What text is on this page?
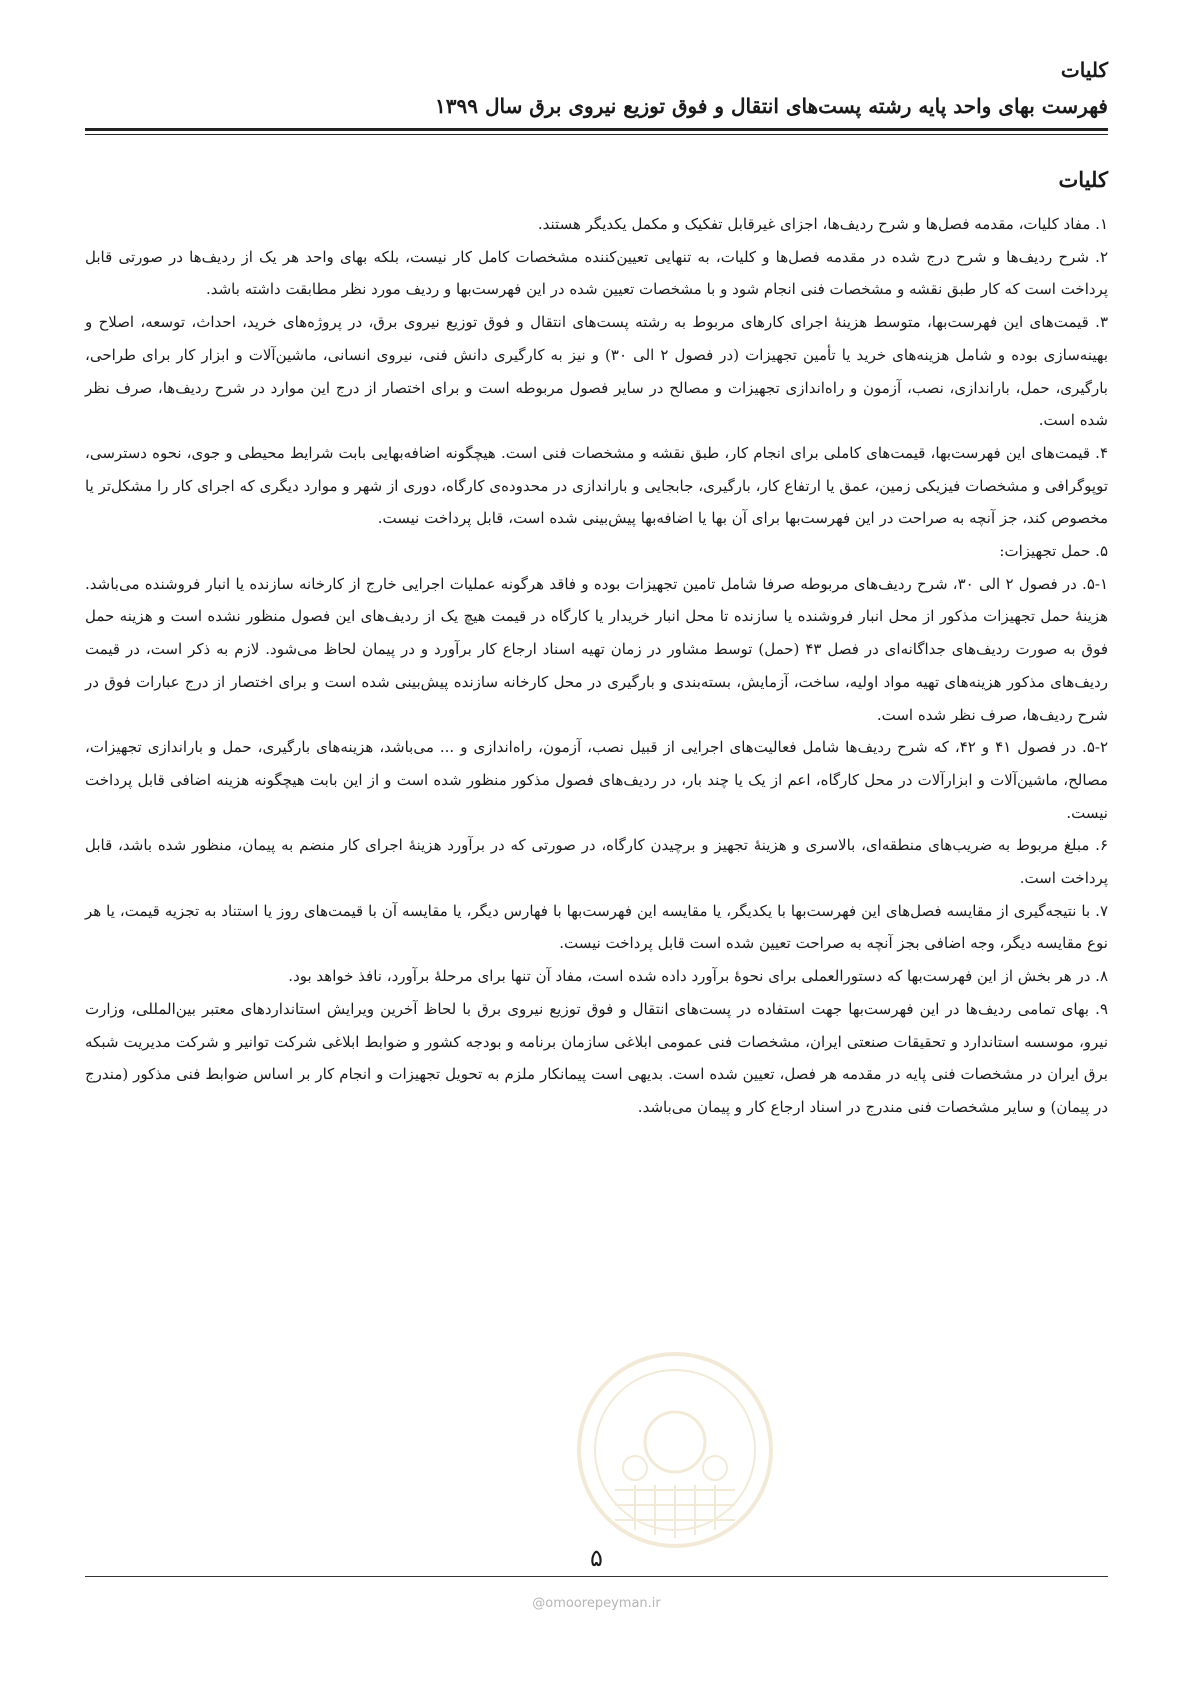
کلیات
فهرست بهای واحد پایه رشته پست‌های انتقال و فوق توزیع نیروی برق سال ۱۳۹۹
کلیات

۱. مفاد کلیات، مقدمه فصل‌ها و شرح ردیف‌ها، اجزای غیرقابل تفکیک و مکمل یکدیگر هستند.

۲. شرح ردیف‌ها و شرح درج شده در مقدمه فصل‌ها و کلیات، به تنهایی تعیین‌کننده مشخصات کامل کار نیست، بلکه بهای واحد هر یک از ردیف‌ها در صورتی قابل پرداخت است که کار طبق نقشه و مشخصات فنی انجام شود و با مشخصات تعیین شده در این فهرست‌بها و ردیف مورد نظر مطابقت داشته باشد.

۳. قیمت‌های این فهرست‌بها، متوسط هزینهٔ اجرای کارهای مربوط به رشته پست‌های انتقال و فوق توزیع نیروی برق، در پروژه‌های خرید، احداث، توسعه، اصلاح و بهینه‌سازی بوده و شامل هزینه‌های خرید یا تأمین تجهیزات (در فصول ۲ الی ۳۰) و نیز به کارگیری دانش فنی، نیروی انسانی، ماشین‌آلات و ابزار کار برای طراحی، بارگیری، حمل، باراندازی، نصب، آزمون و راه‌اندازی تجهیزات و مصالح در سایر فصول مربوطه است و برای اختصار از درج این موارد در شرح ردیف‌ها، صرف نظر شده است.

۴. قیمت‌های این فهرست‌بها، قیمت‌های کاملی برای انجام کار، طبق نقشه و مشخصات فنی است. هیچگونه اضافه‌بهایی بابت شرایط محیطی و جوی، نحوه دسترسی، توپوگرافی و مشخصات فیزیکی زمین، عمق یا ارتفاع کار، بارگیری، جابجایی و باراندازی در محدوده‌ی کارگاه، دوری از شهر و موارد دیگری که اجرای کار را مشکل‌تر یا مخصوص کند، جز آنچه به صراحت در این فهرست‌بها برای آن بها یا اضافه‌بها پیش‌بینی شده است، قابل پرداخت نیست.

۵. حمل تجهیزات:

۵-۱. در فصول ۲ الی ۳۰، شرح ردیف‌های مربوطه صرفا شامل تامین تجهیزات بوده و فاقد هرگونه عملیات اجرایی خارج از کارخانه سازنده یا انبار فروشنده می‌باشد. هزینهٔ حمل تجهیزات مذکور از محل انبار فروشنده یا سازنده تا محل انبار خریدار یا کارگاه در قیمت هیچ یک از ردیف‌های این فصول منظور نشده است و هزینه حمل فوق به صورت ردیف‌های جداگانه‌ای در فصل ۴۳ (حمل) توسط مشاور در زمان تهیه اسناد ارجاع کار برآورد و در پیمان لحاظ می‌شود. لازم به ذکر است، در قیمت ردیف‌های مذکور هزینه‌های تهیه مواد اولیه، ساخت، آزمایش، بسته‌بندی و بارگیری در محل کارخانه سازنده پیش‌بینی شده است و برای اختصار از درج عبارات فوق در شرح ردیف‌ها، صرف نظر شده است.

۵-۲. در فصول ۴۱ و ۴۲، که شرح ردیف‌ها شامل فعالیت‌های اجرایی از قبیل نصب، آزمون، راه‌اندازی و ... می‌باشد، هزینه‌های بارگیری، حمل و باراندازی تجهیزات، مصالح، ماشین‌آلات و ابزارآلات در محل کارگاه، اعم از یک یا چند بار، در ردیف‌های فصول مذکور منظور شده است و از این بابت هیچگونه هزینه اضافی قابل پرداخت نیست.

۶. مبلغ مربوط به ضریب‌های منطقه‌ای، بالاسری و هزینهٔ تجهیز و برچیدن کارگاه، در صورتی که در برآورد هزینهٔ اجرای کار منضم به پیمان، منظور شده باشد، قابل پرداخت است.

۷. با نتیجه‌گیری از مقایسه فصل‌های این فهرست‌بها با یکدیگر، یا مقایسه این فهرست‌بها با فهارس دیگر، یا مقایسه آن با قیمت‌های روز یا استناد به تجزیه قیمت، یا هر نوع مقایسه دیگر، وجه اضافی بجز آنچه به صراحت تعیین شده است قابل پرداخت نیست.

۸. در هر بخش از این فهرست‌بها که دستورالعملی برای نحوهٔ برآورد داده شده است، مفاد آن تنها برای مرحلهٔ برآورد، نافذ خواهد بود.

۹. بهای تمامی ردیف‌ها در این فهرست‌بها جهت استفاده در پست‌های انتقال و فوق توزیع نیروی برق با لحاظ آخرین ویرایش استانداردهای معتبر بین‌المللی، وزارت نیرو، موسسه استاندارد و تحقیقات صنعتی ایران، مشخصات فنی عمومی ابلاغی سازمان برنامه و بودجه کشور و ضوابط ابلاغی شرکت توانیر و شرکت مدیریت شبکه برق ایران در مشخصات فنی پایه در مقدمه هر فصل، تعیین شده است. بدیهی است پیمانکار ملزم به تحویل تجهیزات و انجام کار بر اساس ضوابط فنی مذکور (مندرج در پیمان) و سایر مشخصات فنی مندرج در اسناد ارجاع کار و پیمان می‌باشد.

۵
@omoorepeyman.ir
